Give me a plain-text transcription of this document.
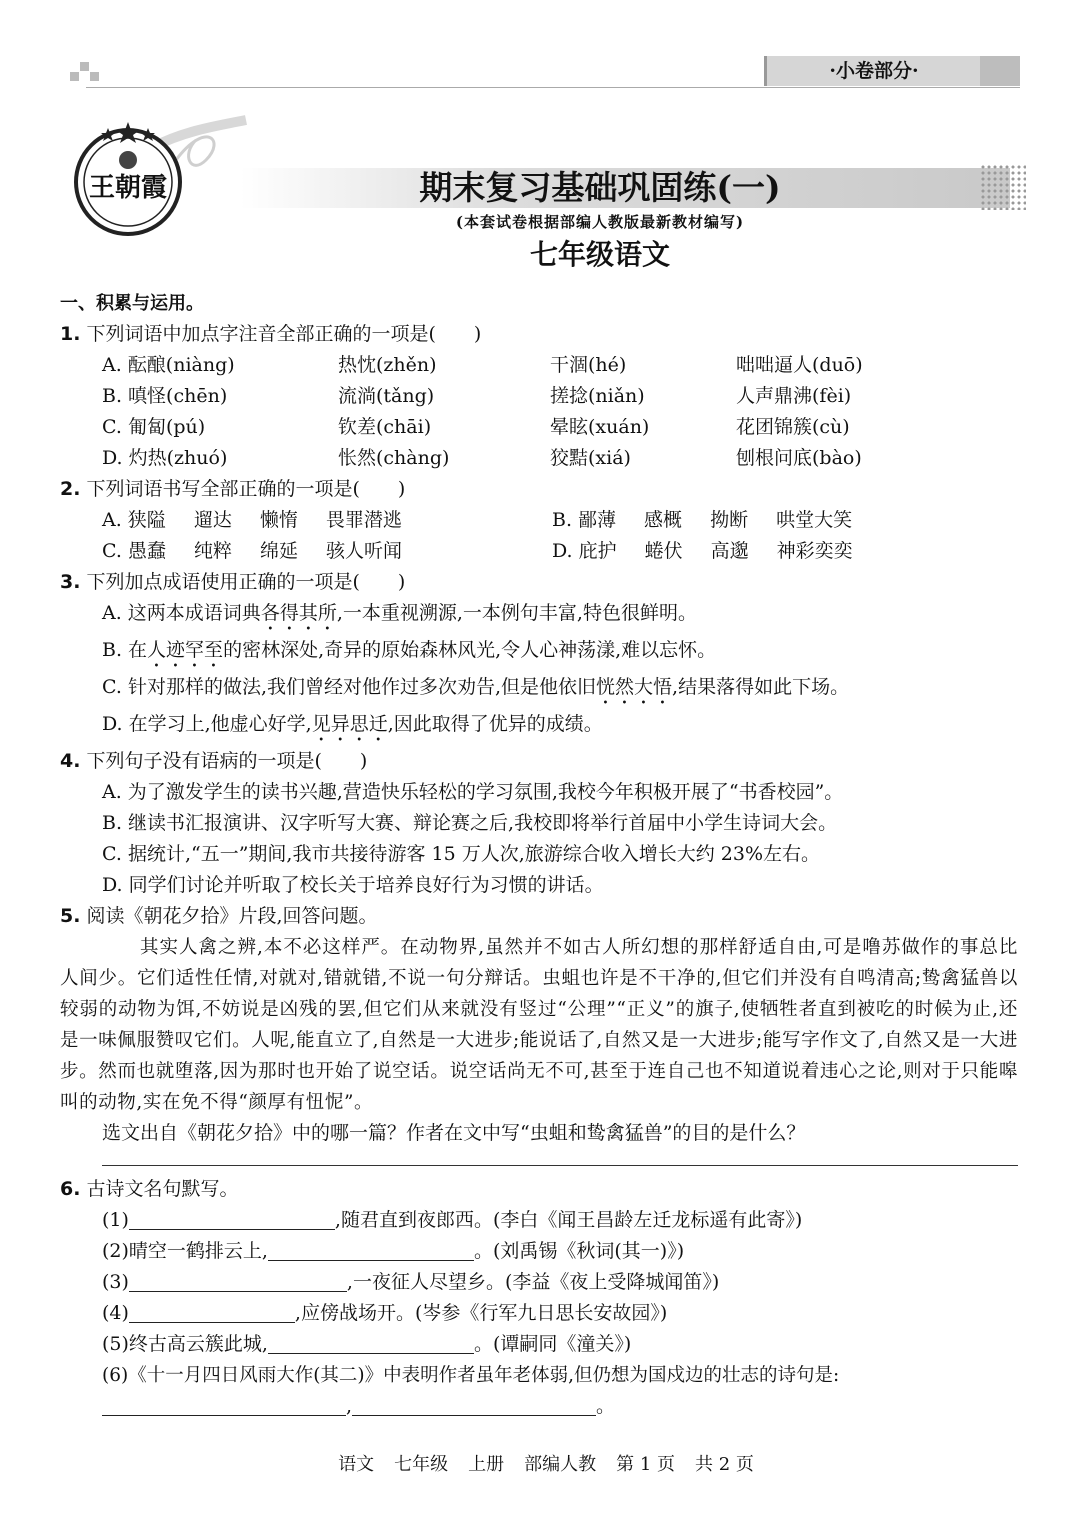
·小卷部分·
王朝霞	期末复习基础巩固练(一)
(本套试卷根据部编人教版最新教材编写)
七年级语文
一、积累与运用。

1. 下列词语中加点字注音全部正确的一项是(　　)

A. 酝酿(niàng)	热忱(zhěn)	干涸(hé)	咄咄逼人(duō)
B. 嗔怪(chēn)	流淌(tǎng)	搓捻(niǎn)	人声鼎沸(fèi)
C. 匍匐(pú)	钦差(chāi)	晕眩(xuán)	花团锦簇(cù)
D. 灼热(zhuó)	怅然(chàng)	狡黠(xiá)	刨根问底(bào)

2. 下列词语书写全部正确的一项是(　　)

A. 狭隘 遛达 懒惰 畏罪潜逃	B. 鄙薄 感概 拗断 哄堂大笑
C. 愚蠢 纯粹 绵延 骇人听闻	D. 庇护 蜷伏 高邈 神彩奕奕

3. 下列加点成语使用正确的一项是(　　)

A. 这两本成语词典各得其所,一本重视溯源,一本例句丰富,特色很鲜明。

B. 在人迹罕至的密林深处,奇异的原始森林风光,令人心神荡漾,难以忘怀。

C. 针对那样的做法,我们曾经对他作过多次劝告,但是他依旧恍然大悟,结果落得如此下场。

D. 在学习上,他虚心好学,见异思迁,因此取得了优异的成绩。

4. 下列句子没有语病的一项是(　　)

A. 为了激发学生的读书兴趣,营造快乐轻松的学习氛围,我校今年积极开展了“书香校园”。

B. 继读书汇报演讲、汉字听写大赛、辩论赛之后,我校即将举行首届中小学生诗词大会。

C. 据统计,“五一”期间,我市共接待游客 15 万人次,旅游综合收入增长大约 23%左右。

D. 同学们讨论并听取了校长关于培养良好行为习惯的讲话。

5. 阅读《朝花夕拾》片段,回答问题。

其实人禽之辨,本不必这样严。在动物界,虽然并不如古人所幻想的那样舒适自由,可是噜苏做作的事总比人间少。它们适性任情,对就对,错就错,不说一句分辩话。虫蛆也许是不干净的,但它们并没有自鸣清高;鸷禽猛兽以较弱的动物为饵,不妨说是凶残的罢,但它们从来就没有竖过“公理”“正义”的旗子,使牺牲者直到被吃的时候为止,还是一味佩服赞叹它们。人呢,能直立了,自然是一大进步;能说话了,自然又是一大进步;能写字作文了,自然又是一大进步。然而也就堕落,因为那时也开始了说空话。说空话尚无不可,甚至于连自己也不知道说着违心之论,则对于只能嗥叫的动物,实在免不得“颜厚有忸怩”。

选文出自《朝花夕拾》中的哪一篇？作者在文中写“虫蛆和鸷禽猛兽”的目的是什么？

6. 古诗文名句默写。

(1)	,随君直到夜郎西。(李白《闻王昌龄左迁龙标遥有此寄》)

(2)晴空一鹤排云上,	。(刘禹锡《秋词(其一)》)

(3)	,一夜征人尽望乡。(李益《夜上受降城闻笛》)

(4)	,应傍战场开。(岑参《行军九日思长安故园》)

(5)终古高云簇此城,	。(谭嗣同《潼关》)

(6)《十一月四日风雨大作(其二)》中表明作者虽年老体弱,但仍想为国戍边的壮志的诗句是:

,	。

语文 七年级 上册 部编人教 第 1 页 共 2 页
